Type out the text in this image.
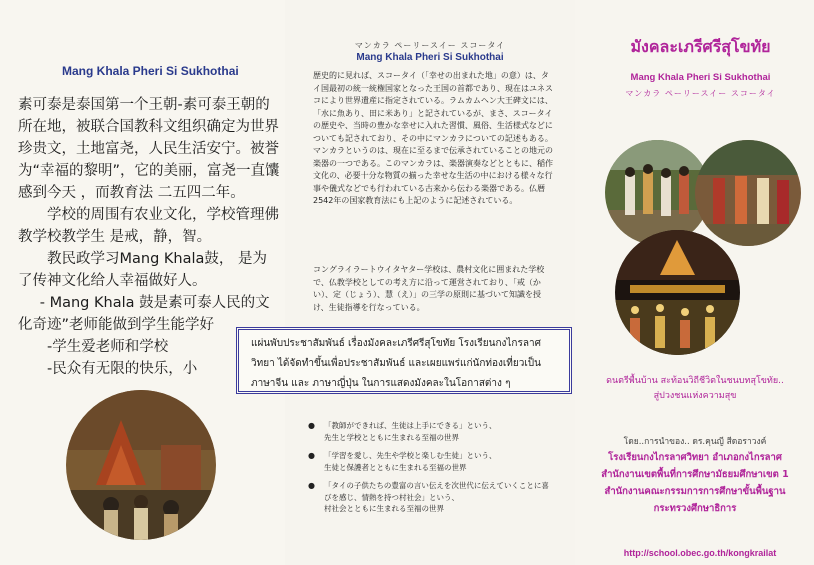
Mang Khala Pheri Si Sukhothai

素可泰是泰国第一个王朝-素可泰王朝的所在地，被联合国教科文组织确定为世界珍贵文，土地富尧，人民生活安宁。被誉为“幸福的黎明”，它的美丽，富尧一直馕感到今天 ，而教育法 二五四二年。

学校的周围有农业文化，学校管理佛教学校教学生 是戒，静，智。

教民政学习Mang Khala鼓， 是为了传神文化给人幸福做好人。

- Mang Khala 鼓是素可泰人民的文化奇迹”老师能做到学生能学好

-学生爱老师和学校

-民众有无限的快乐，小

マンカラ ペーリースイー スコータイ
Mang Khala Pheri Si Sukhothai
歴史的に見れば、スコータイ（「幸せの出まれた地」の意）は、タイ国最初の統一統権国家となった王国の首都であり、現在はユネスコにより世界遺産に指定されている。ラムカムヘン大王碑文には、「水に魚あり、田に米あり」と記されているが、まさ、スコータイの歴史や、当時の豊かな幸せに入れた習慣、風俗、生活様式などについても記されており、その中にマンカラについての記述もある。マンカラというのは、現在に至るまで伝承されていることの地元の楽器の一つである。このマンカラは、楽器演奏などとともに、稲作文化の、必要十分な物質の揃った幸せな生活の中における様々な行事や儀式などでも行われている古来から伝わる楽器である。仏暦2542年の国家教育法にも上記のように記述されている。
コングライラートウイタヤター学校は、農村文化に囲まれた学校で、仏教学校としての考え方に沿って運営されており、「戒（かい）、定（じょう）、慧（え）」の三学の原則に基づいて知識を授け、生徒指導を行なっている。
แผ่นพับประชาสัมพันธ์ เรื่องมังคละเภรีศรีสุโขทัย โรงเรียนกงไกรลาศวิทยา ได้จัดทำขึ้นเพื่อประชาสัมพันธ์ และเผยแพร่แก่นักท่องเที่ยวเป็นภาษาจีน และ ภาษาญี่ปุ่น ในการแสดงมังคละในโอกาสต่าง ๆ
● 「教師ができれば、生徒は上手にできる」という、
先生と学校とともに生まれる至福の世界
● 「学習を愛し、先生や学校と楽しむ生徒」という、
生徒と保護者とともに生まれる至福の世界
● 「タイの子供たちの豊富の言い伝えを次世代に伝えていくことに喜びを感じ、情熱を持つ村社会」という、
村社会とともに生まれる至福の世界
มังคละเภรีศรีสุโขทัย
Mang Khala Pheri Si Sukhothai
マンカラ ペーリースイー スコータイ
ดนตรีพื้นบ้าน สะท้อนวิถีชีวิตในชนบทสุโขทัย..
สู่ปวงชนแห่งความสุข
โดย..การนำของ.. ดร.คุนญี สีดอราวงค์
โรงเรียนกงไกรลาศวิทยา อำเภอกงไกรลาศ
สำนักงานเขตพื้นที่การศึกษามัธยมศึกษาเขต 1
สำนักงานคณะกรรมการการศึกษาขั้นพื้นฐาน
กระทรวงศึกษาธิการ
http://school.obec.go.th/kongkrailat
